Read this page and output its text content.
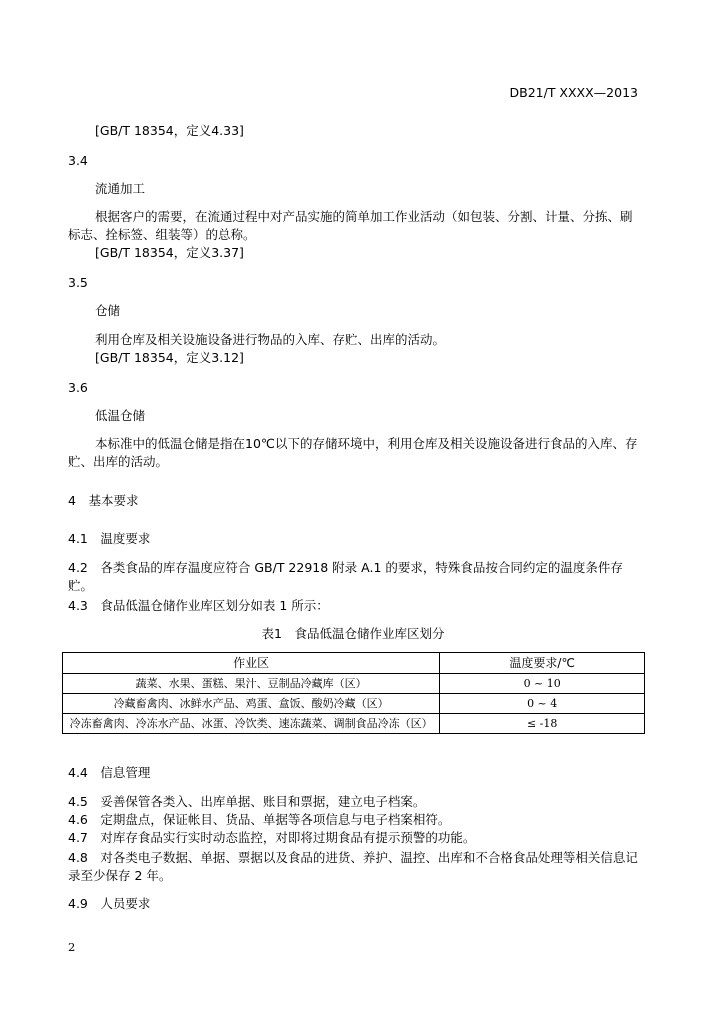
DB21/T XXXX—2013
[GB/T 18354，定义4.33]
3.4
流通加工
根据客户的需要，在流通过程中对产品实施的简单加工作业活动（如包装、分割、计量、分拣、刷标志、拴标签、组装等）的总称。
[GB/T 18354，定义3.37]
3.5
仓储
利用仓库及相关设施设备进行物品的入库、存贮、出库的活动。
[GB/T 18354，定义3.12]
3.6
低温仓储
本标准中的低温仓储是指在10℃以下的存储环境中，利用仓库及相关设施设备进行食品的入库、存贮、出库的活动。
4　基本要求
4.1　温度要求
4.2　各类食品的库存温度应符合 GB/T 22918 附录 A.1 的要求，特殊食品按合同约定的温度条件存贮。
4.3　食品低温仓储作业库区划分如表 1 所示：
表1　食品低温仓储作业库区划分
作业区	温度要求/℃
蔬菜、水果、蛋糕、果汁、豆制品冷藏库（区）	0 ~ 10
冷藏畜禽肉、冰鲜水产品、鸡蛋、盒饭、酸奶冷藏（区）	0 ~ 4
冷冻畜禽肉、冷冻水产品、冰蛋、冷饮类、速冻蔬菜、调制食品冷冻（区）	≤ -18
4.4　信息管理
4.5　妥善保管各类入、出库单据、账目和票据，建立电子档案。
4.6　定期盘点，保证帐目、货品、单据等各项信息与电子档案相符。
4.7　对库存食品实行实时动态监控，对即将过期食品有提示预警的功能。
4.8　对各类电子数据、单据、票据以及食品的进货、养护、温控、出库和不合格食品处理等相关信息记录至少保存 2 年。
4.9　人员要求
2
